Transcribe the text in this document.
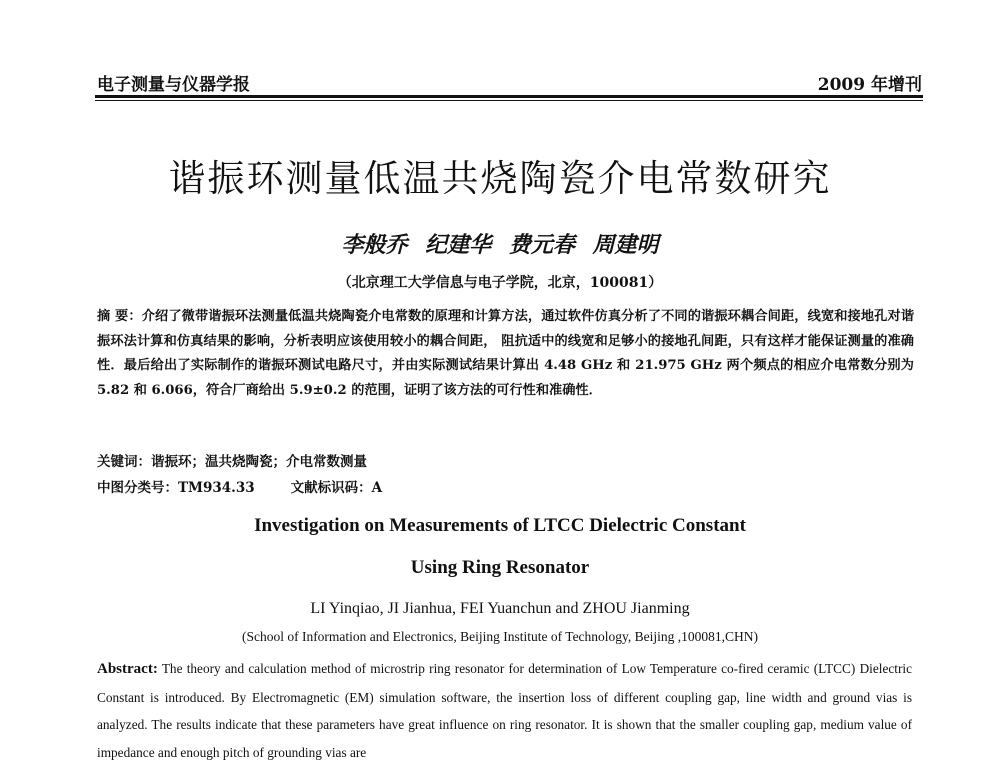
电子测量与仪器学报	2009 年增刊
谐振环测量低温共烧陶瓷介电常数研究
李般乔 纪建华 费元春 周建明
（北京理工大学信息与电子学院，北京，100081）
摘 要：介绍了微带谐振环法测量低温共烧陶瓷介电常数的原理和计算方法，通过软件仿真分析了不同的谐振环耦合间距，线宽和接地孔对谐振环法计算和仿真结果的影响，分析表明应该使用较小的耦合间距， 阻抗适中的线宽和足够小的接地孔间距，只有这样才能保证测量的准确性．最后给出了实际制作的谐振环测试电路尺寸，并由实际测试结果计算出 4.48 GHz 和 21.975 GHz 两个频点的相应介电常数分别为 5.82 和 6.066，符合厂商给出 5.9±0.2 的范围，证明了该方法的可行性和准确性．
关键词：谐振环；温共烧陶瓷；介电常数测量
中图分类号：TM934.33	文献标识码：A
Investigation on Measurements of LTCC Dielectric Constant
Using Ring Resonator
LI Yinqiao, JI Jianhua, FEI Yuanchun and ZHOU Jianming
(School of Information and Electronics, Beijing Institute of Technology, Beijing ,100081,CHN)
Abstract: The theory and calculation method of microstrip ring resonator for determination of Low Temperature co-fired ceramic (LTCC) Dielectric Constant is introduced. By Electromagnetic (EM) simulation software, the insertion loss of different coupling gap, line width and ground vias is analyzed. The results indicate that these parameters have great influence on ring resonator. It is shown that the smaller coupling gap, medium value of impedance and enough pitch of grounding vias are
